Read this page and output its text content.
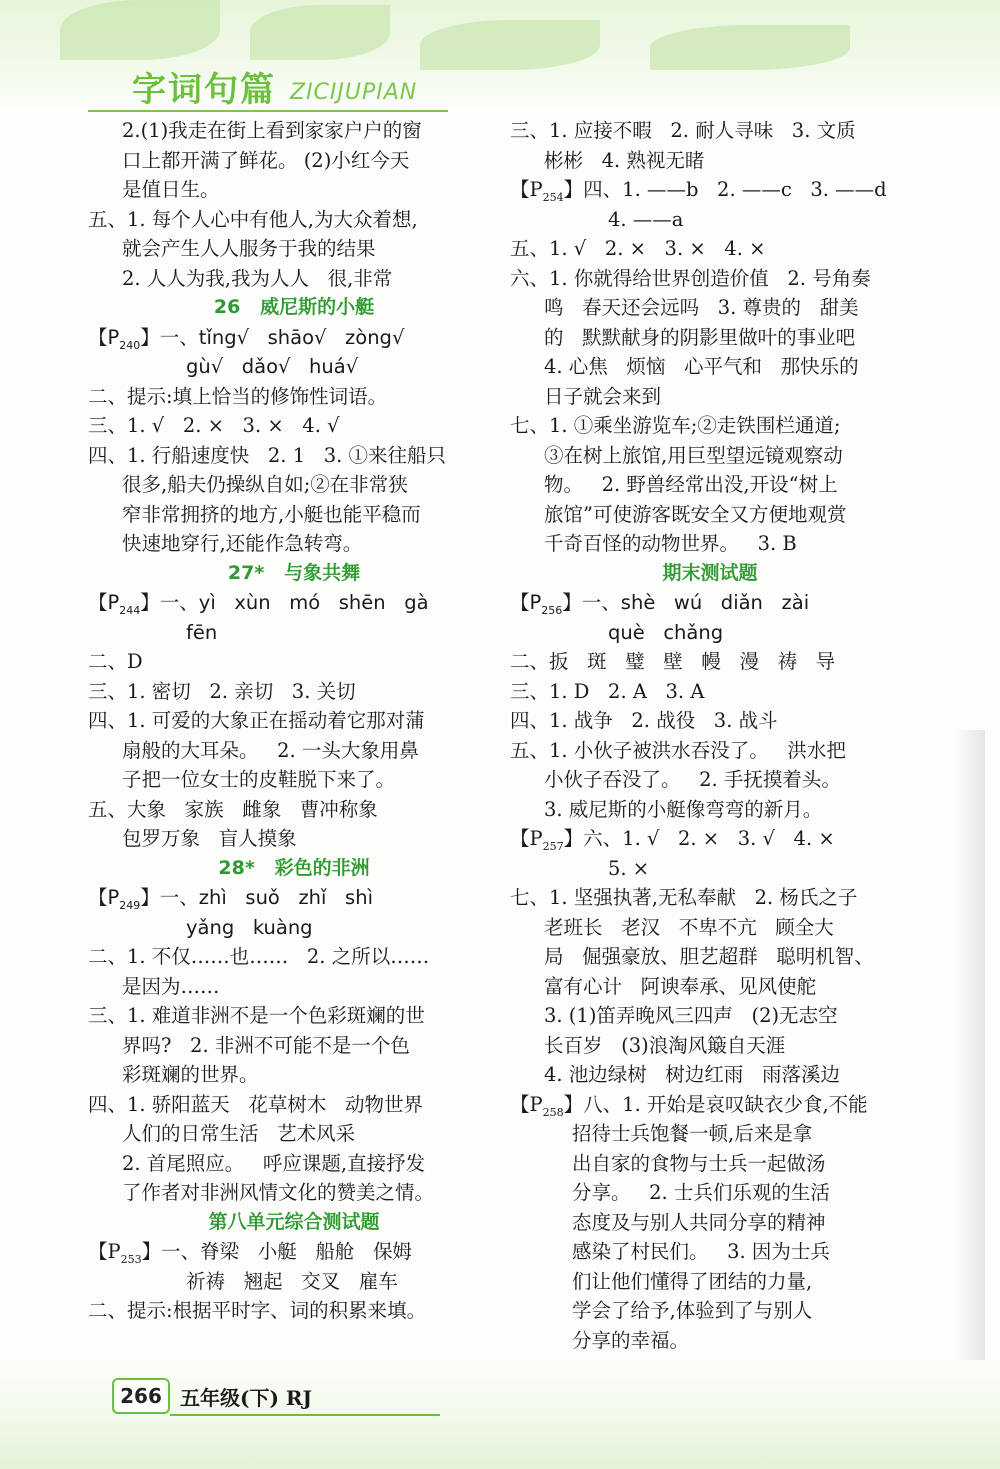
字词句篇 ZICIJUPIAN
2.(1)我走在街上看到家家户户的窗
口上都开满了鲜花。 (2)小红今天
是值日生。
五、1. 每个人心中有他人,为大众着想,
就会产生人人服务于我的结果
2. 人人为我,我为人人   很,非常
26   威尼斯的小艇
【$P_{240}$】一、tǐng√   shāo√   zòng√
gù√   dǎo√   huá√
二、提示:填上恰当的修饰性词语。
三、1. √   2. ×   3. ×   4. √
四、1. 行船速度快   2. 1   3. ①来往船只
很多,船夫仍操纵自如;②在非常狭
窄非常拥挤的地方,小艇也能平稳而
快速地穿行,还能作急转弯。
27*   与象共舞
【$P_{244}$】一、yì   xùn   mó   shēn   gà
fēn
二、D
三、1. 密切   2. 亲切   3. 关切
四、1. 可爱的大象正在摇动着它那对蒲
扇般的大耳朵。   2. 一头大象用鼻
子把一位女士的皮鞋脱下来了。
五、大象   家族   雌象   曹冲称象
包罗万象   盲人摸象
28*   彩色的非洲
【$P_{249}$】一、zhì   suǒ   zhǐ   shì
yǎng   kuàng
二、1. 不仅……也……   2. 之所以……
是因为……
三、1. 难道非洲不是一个色彩斑斓的世
界吗?   2. 非洲不可能不是一个色
彩斑斓的世界。
四、1. 骄阳蓝天   花草树木   动物世界
人们的日常生活   艺术风采
2. 首尾照应。   呼应课题,直接抒发
了作者对非洲风情文化的赞美之情。
第八单元综合测试题
【$P_{253}$】一、脊梁   小艇   船舱   保姆
祈祷   翘起   交叉   雇车
二、提示:根据平时字、词的积累来填。
三、1. 应接不暇   2. 耐人寻味   3. 文质
彬彬   4. 熟视无睹
【$P_{254}$】四、1. ——b   2. ——c   3. ——d
4. ——a
五、1. √   2. ×   3. ×   4. ×
六、1. 你就得给世界创造价值   2. 号角奏
鸣   春天还会远吗   3. 尊贵的   甜美
的   默默献身的阴影里做叶的事业吧
4. 心焦   烦恼   心平气和   那快乐的
日子就会来到
七、1. ①乘坐游览车;②走铁围栏通道;
③在树上旅馆,用巨型望远镜观察动
物。   2. 野兽经常出没,开设“树上
旅馆”可使游客既安全又方便地观赏
千奇百怪的动物世界。   3. B
期末测试题
【$P_{256}$】一、shè   wú   diǎn   zài
què   chǎng
二、扳   斑   璧   壁   幔   漫   祷   导
三、1. D   2. A   3. A
四、1. 战争   2. 战役   3. 战斗
五、1. 小伙子被洪水吞没了。   洪水把
小伙子吞没了。   2. 手抚摸着头。
3. 威尼斯的小艇像弯弯的新月。
【$P_{257}$】六、1. √   2. ×   3. √   4. ×
5. ×
七、1. 坚强执著,无私奉献   2. 杨氏之子
老班长   老汉   不卑不亢   顾全大
局   倔强豪放、胆艺超群   聪明机智、
富有心计   阿谀奉承、见风使舵
3. (1)笛弄晚风三四声   (2)无志空
长百岁   (3)浪淘风簸自天涯
4. 池边绿树   树边红雨   雨落溪边
【$P_{258}$】八、1. 开始是哀叹缺衣少食,不能
招待士兵饱餐一顿,后来是拿
出自家的食物与士兵一起做汤
分享。   2. 士兵们乐观的生活
态度及与别人共同分享的精神
感染了村民们。   3. 因为士兵
们让他们懂得了团结的力量,
学会了给予,体验到了与别人
分享的幸福。
266 五年级(下) RJ
